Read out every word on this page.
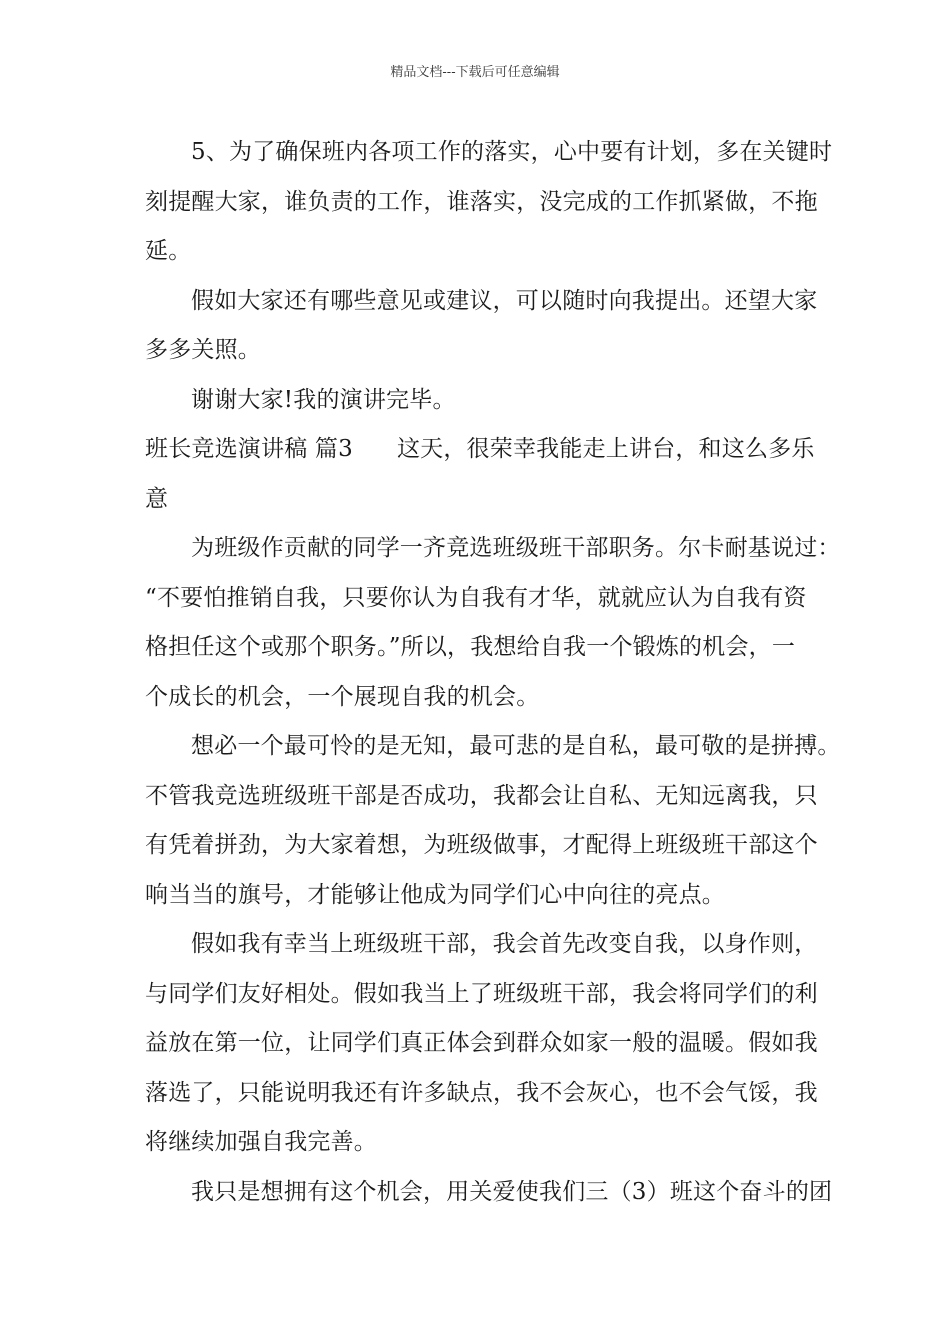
精品文档---下载后可任意编辑
5、为了确保班内各项工作的落实，心中要有计划，多在关键时
刻提醒大家，谁负责的工作，谁落实，没完成的工作抓紧做，不拖
延。
假如大家还有哪些意见或建议，可以随时向我提出。还望大家
多多关照。
谢谢大家!我的演讲完毕。
班长竞选演讲稿 篇3 这天，很荣幸我能走上讲台，和这么多乐
意
为班级作贡献的同学一齐竞选班级班干部职务。尔卡耐基说过：
“不要怕推销自我，只要你认为自我有才华，就就应认为自我有资
格担任这个或那个职务。”所以，我想给自我一个锻炼的机会，一
个成长的机会，一个展现自我的机会。
想必一个最可怜的是无知，最可悲的是自私，最可敬的是拼搏。
不管我竞选班级班干部是否成功，我都会让自私、无知远离我，只
有凭着拼劲，为大家着想，为班级做事，才配得上班级班干部这个
响当当的旗号，才能够让他成为同学们心中向往的亮点。
假如我有幸当上班级班干部，我会首先改变自我，以身作则，
与同学们友好相处。假如我当上了班级班干部，我会将同学们的利
益放在第一位，让同学们真正体会到群众如家一般的温暖。假如我
落选了，只能说明我还有许多缺点，我不会灰心，也不会气馁，我
将继续加强自我完善。
我只是想拥有这个机会，用关爱使我们三（3）班这个奋斗的团
